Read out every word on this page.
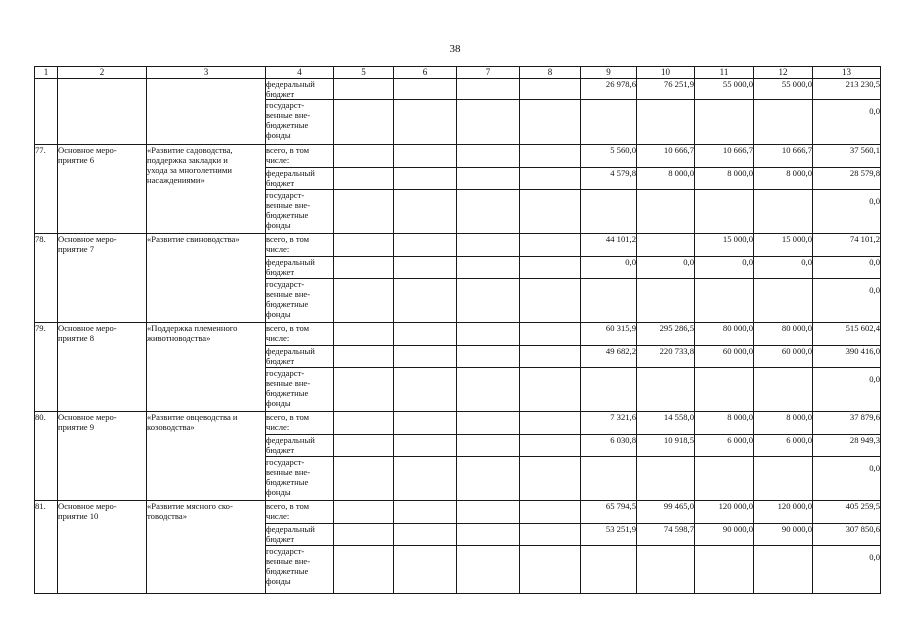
38
1	2	3	4	5	6	7	8	9	10	11	12	13

			федеральный
бюджет					26 978,6	76 251,9	55 000,0	55 000,0	213 230,5

			государст-
венные вне-
бюджетные
фонды									0,0
77.	Основное меро-
приятие 6	«Развитие садоводства,
поддержка закладки и
ухода за многолетними
насаждениями»	всего, в том
числе:					5 560,0	10 666,7	10 666,7	10 666,7	37 560,1

			федеральный
бюджет					4 579,8	8 000,0	8 000,0	8 000,0	28 579,8

			государст-
венные вне-
бюджетные
фонды									0,0
78.	Основное меро-
приятие 7	«Развитие свиноводства»	всего, в том
числе:					44 101,2		15 000,0	15 000,0	74 101,2

			федеральный
бюджет					0,0	0,0	0,0	0,0	0,0

			государст-
венные вне-
бюджетные
фонды									0,0
79.	Основное меро-
приятие 8	«Поддержка племенного
животноводства»	всего, в том
числе:					60 315,9	295 286,5	80 000,0	80 000,0	515 602,4

			федеральный
бюджет					49 682,2	220 733,8	60 000,0	60 000,0	390 416,0

			государст-
венные вне-
бюджетные
фонды									0,0
80.	Основное меро-
приятие 9	«Развитие овцеводства и
козоводства»	всего, в том
числе:					7 321,6	14 558,0	8 000,0	8 000,0	37 879,6

			федеральный
бюджет					6 030,8	10 918,5	6 000,0	6 000,0	28 949,3

			государст-
венные вне-
бюджетные
фонды									0,0
81.	Основное меро-
приятие 10	«Развитие мясного ско-
товодства»	всего, в том
числе:					65 794,5	99 465,0	120 000,0	120 000,0	405 259,5

			федеральный
бюджет					53 251,9	74 598,7	90 000,0	90 000,0	307 850,6

			государст-
венные вне-
бюджетные
фонды									0,0
